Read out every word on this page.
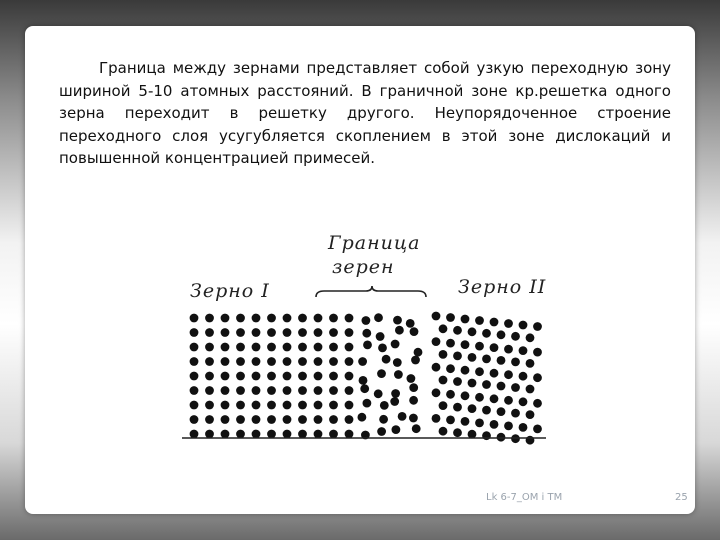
Граница между зернами представляет собой узкую переходную зону шириной 5-10 атомных расстояний. В граничной зоне кр.решетка одного зерна переходит в решетку другого. Неупорядоченное строение переходного слоя усугубляется скоплением в этой зоне дислокаций и повышенной концентрацией примесей.

Граница
зерен
Зерно I	Зерно II
Lk 6-7_OM i TM	25
